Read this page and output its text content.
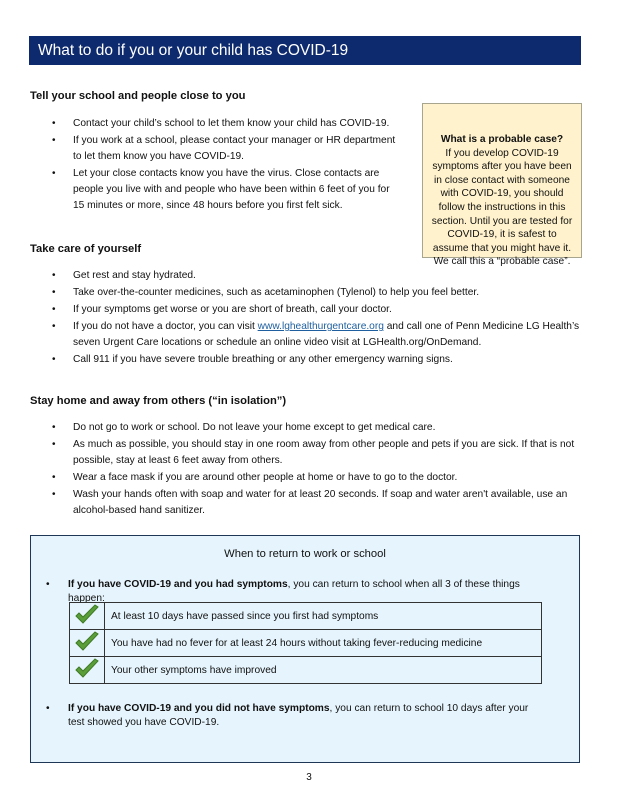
What to do if you or your child has COVID-19
Tell your school and people close to you
• Contact your child’s school to let them know your child has COVID-19.
• If you work at a school, please contact your manager or HR department to let them know you have COVID-19.
• Let your close contacts know you have the virus. Close contacts are people you live with and people who have been within 6 feet of you for 15 minutes or more, since 48 hours before you first felt sick.
What is a probable case?
If you develop COVID-19 symptoms after you have been in close contact with someone with COVID-19, you should follow the instructions in this section. Until you are tested for COVID-19, it is safest to assume that you might have it. We call this a “probable case”.
Take care of yourself
• Get rest and stay hydrated.
• Take over-the-counter medicines, such as acetaminophen (Tylenol) to help you feel better.
• If your symptoms get worse or you are short of breath, call your doctor.
• If you do not have a doctor, you can visit www.lghealthurgentcare.org and call one of Penn Medicine LG Health’s seven Urgent Care locations or schedule an online video visit at LGHealth.org/OnDemand.
• Call 911 if you have severe trouble breathing or any other emergency warning signs.
Stay home and away from others (“in isolation”)
• Do not go to work or school. Do not leave your home except to get medical care.
• As much as possible, you should stay in one room away from other people and pets if you are sick. If that is not possible, stay at least 6 feet away from others.
• Wear a face mask if you are around other people at home or have to go to the doctor.
• Wash your hands often with soap and water for at least 20 seconds. If soap and water aren't available, use an alcohol-based hand sanitizer.
When to return to work or school
• If you have COVID-19 and you had symptoms, you can return to school when all 3 of these things happen:
	At least 10 days have passed since you first had symptoms
	You have had no fever for at least 24 hours without taking fever-reducing medicine
	Your other symptoms have improved
• If you have COVID-19 and you did not have symptoms, you can return to school 10 days after your test showed you have COVID-19.
3
